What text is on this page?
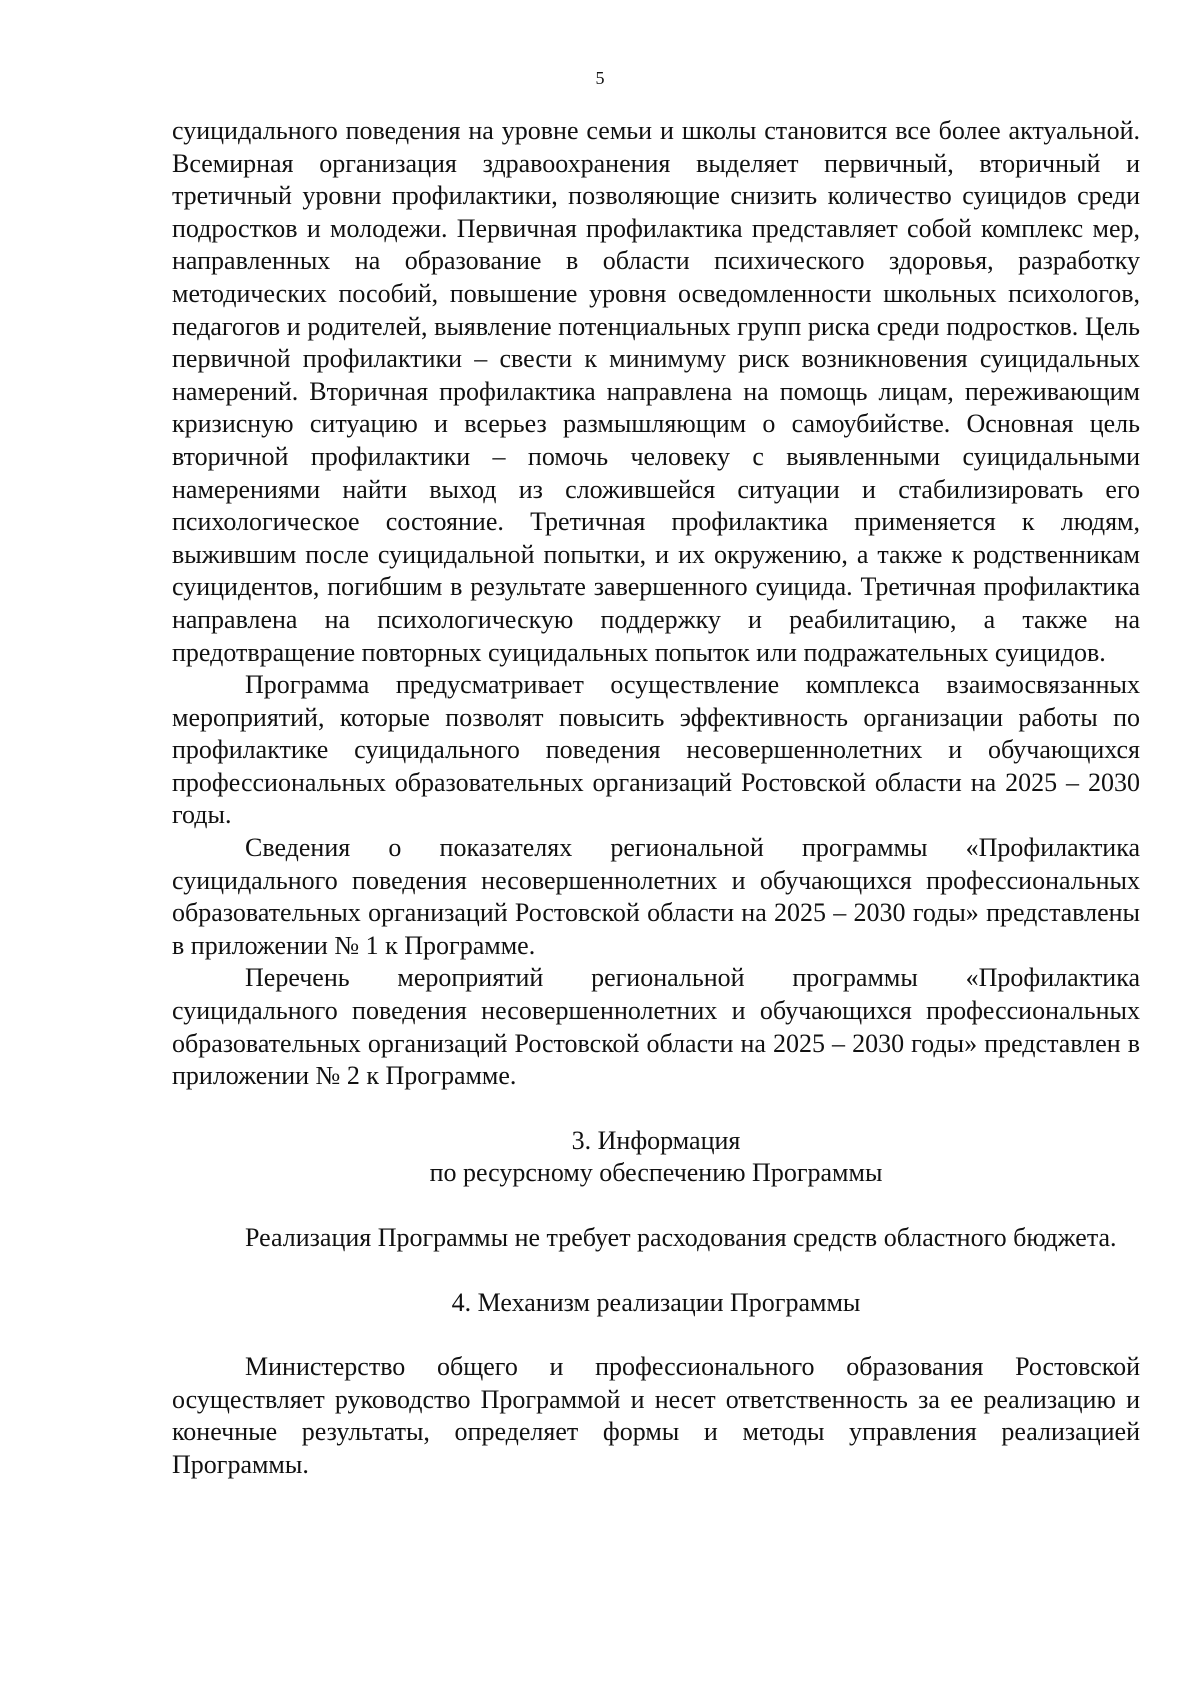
5

суицидального поведения на уровне семьи и школы становится все более актуальной. Всемирная организация здравоохранения выделяет первичный, вторичный и третичный уровни профилактики, позволяющие снизить количество суицидов среди подростков и молодежи. Первичная профилактика представляет собой комплекс мер, направленных на образование в области психического здоровья, разработку методических пособий, повышение уровня осведомленности школьных психологов, педагогов и родителей, выявление потенциальных групп риска среди подростков. Цель первичной профилактики – свести к минимуму риск возникновения суицидальных намерений. Вторичная профилактика направлена на помощь лицам, переживающим кризисную ситуацию и всерьез размышляющим о самоубийстве. Основная цель вторичной профилактики – помочь человеку с выявленными суицидальными намерениями найти выход из сложившейся ситуации и стабилизировать его психологическое состояние. Третичная профилактика применяется к людям, выжившим после суицидальной попытки, и их окружению, а также к родственникам суицидентов, погибшим в результате завершенного суицида. Третичная профилактика направлена на психологическую поддержку и реабилитацию, а также на предотвращение повторных суицидальных попыток или подражательных суицидов.

Программа предусматривает осуществление комплекса взаимосвязанных мероприятий, которые позволят повысить эффективность организации работы по профилактике суицидального поведения несовершеннолетних и обучающихся профессиональных образовательных организаций Ростовской области на 2025 – 2030 годы.

Сведения о показателях региональной программы «Профилактика суицидального поведения несовершеннолетних и обучающихся профессиональных образовательных организаций Ростовской области на 2025 – 2030 годы» представлены в приложении № 1 к Программе.

Перечень мероприятий региональной программы «Профилактика суицидального поведения несовершеннолетних и обучающихся профессиональных образовательных организаций Ростовской области на 2025 – 2030 годы» представлен в приложении № 2 к Программе.

3. Информация

по ресурсному обеспечению Программы

Реализация Программы не требует расходования средств областного бюджета.

4. Механизм реализации Программы

Министерство общего и профессионального образования Ростовской осуществляет руководство Программой и несет ответственность за ее реализацию и конечные результаты, определяет формы и методы управления реализацией Программы.
